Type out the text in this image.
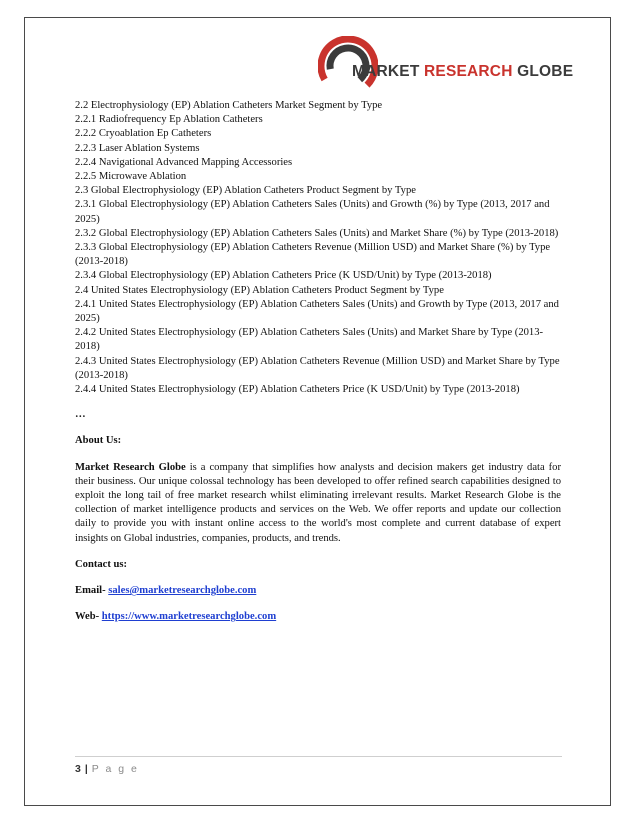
MARKET RESEARCH GLOBE

2.2 Electrophysiology (EP) Ablation Catheters Market Segment by Type

2.2.1 Radiofrequency Ep Ablation Catheters

2.2.2 Cryoablation Ep Catheters

2.2.3 Laser Ablation Systems

2.2.4 Navigational Advanced Mapping Accessories

2.2.5 Microwave Ablation

2.3 Global Electrophysiology (EP) Ablation Catheters Product Segment by Type

2.3.1 Global Electrophysiology (EP) Ablation Catheters Sales (Units) and Growth (%) by Type (2013, 2017 and 2025)

2.3.2 Global Electrophysiology (EP) Ablation Catheters Sales (Units) and Market Share (%) by Type (2013-2018)

2.3.3 Global Electrophysiology (EP) Ablation Catheters Revenue (Million USD) and Market Share (%) by Type (2013-2018)

2.3.4 Global Electrophysiology (EP) Ablation Catheters Price (K USD/Unit) by Type (2013-2018)

2.4 United States Electrophysiology (EP) Ablation Catheters Product Segment by Type

2.4.1 United States Electrophysiology (EP) Ablation Catheters Sales (Units) and Growth by Type (2013, 2017 and 2025)

2.4.2 United States Electrophysiology (EP) Ablation Catheters Sales (Units) and Market Share by Type (2013-2018)

2.4.3 United States Electrophysiology (EP) Ablation Catheters Revenue (Million USD) and Market Share by Type (2013-2018)

2.4.4 United States Electrophysiology (EP) Ablation Catheters Price (K USD/Unit) by Type (2013-2018)

…
About Us:
Market Research Globe is a company that simplifies how analysts and decision makers get industry data for their business. Our unique colossal technology has been developed to offer refined search capabilities designed to exploit the long tail of free market research whilst eliminating irrelevant results. Market Research Globe is the collection of market intelligence products and services on the Web. We offer reports and update our collection daily to provide you with instant online access to the world's most complete and current database of expert insights on Global industries, companies, products, and trends.
Contact us:
Email- sales@marketresearchglobe.com
Web- https://www.marketresearchglobe.com
3 | P a g e
